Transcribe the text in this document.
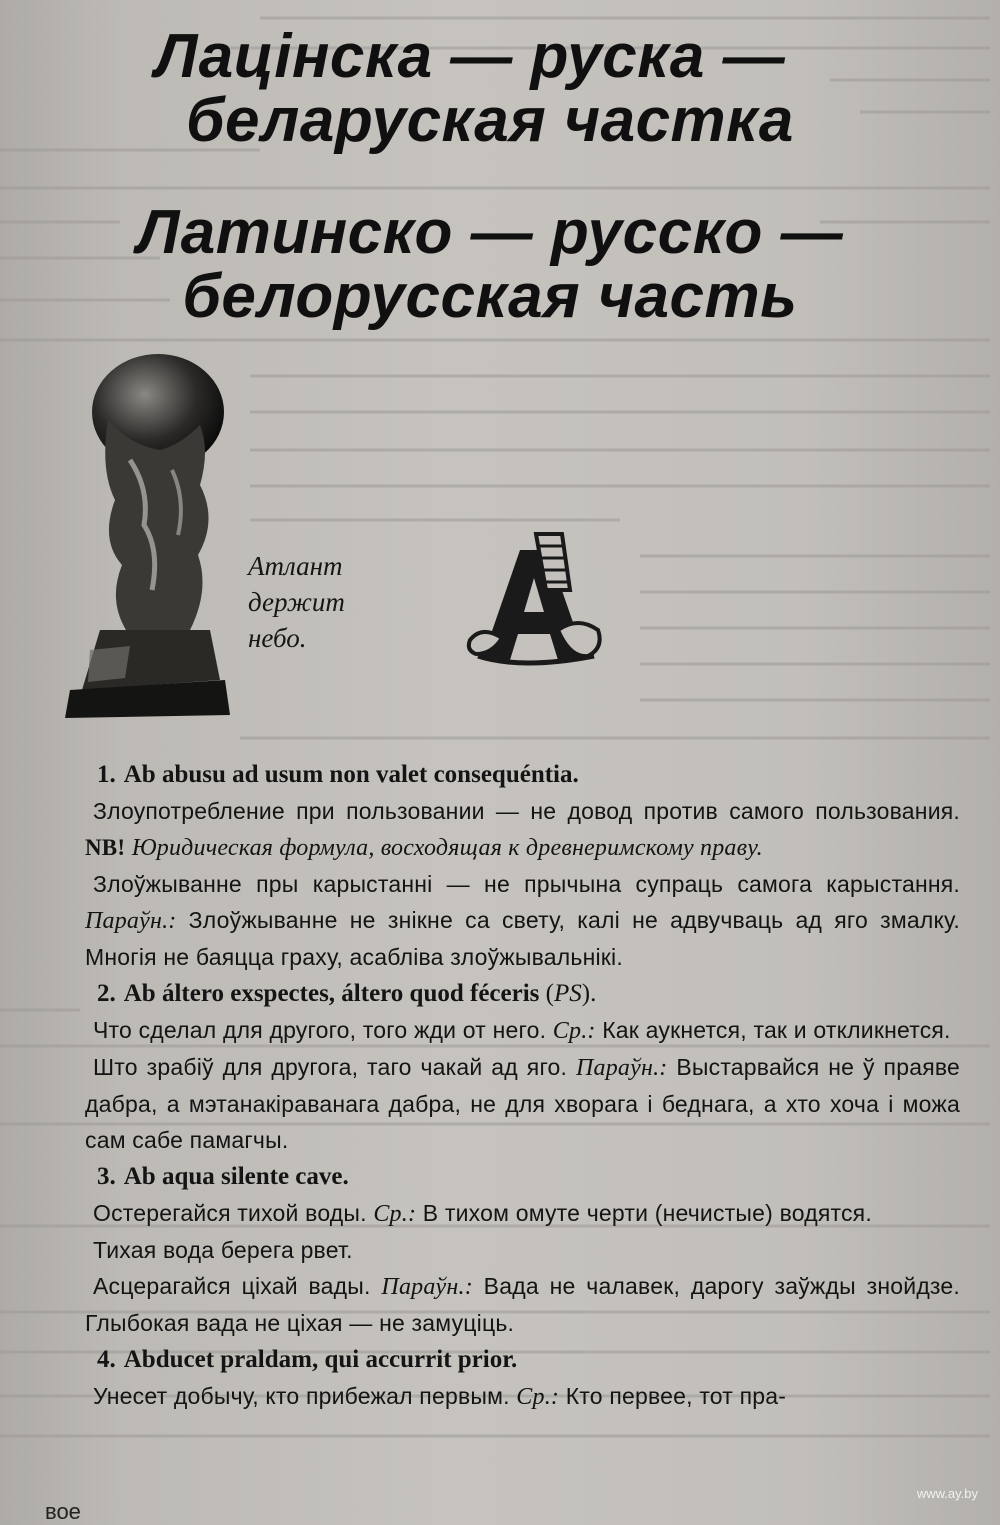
Лацінска — руска —
беларуская частка
Латинско — русско —
белорусская часть
Атлант
держит
небо.

1. Ab abusu ad usum non valet consequéntia.

Злоупотребление при пользовании — не довод против самого пользования. NB! Юридическая формула, восходящая к древнеримскому праву.

Злоўжыванне пры карыстанні — не прычына супраць самога карыстання. Параўн.: Злоўжыванне не знікне са свету, калі не адвучваць ад яго змалку. Многія не баяцца граху, асабліва злоўжывальнікі.

2. Ab áltero exspectes, áltero quod féceris (PS).

Что сделал для другого, того жди от него. Ср.: Как аукнется, так и откликнется.

Што зрабіў для другога, таго чакай ад яго. Параўн.: Выстарвайся не ў праяве дабра, а мэтанакіраванага дабра, не для хворага і беднага, а хто хоча і можа сам сабе памагчы.

3. Ab aqua silente cave.

Остерегайся тихой воды. Ср.: В тихом омуте черти (нечистые) водятся.

Тихая вода берега рвет.

Асцерагайся ціхай вады. Параўн.: Вада не чалавек, дарогу заўжды знойдзе. Глыбокая вада не ціхая — не замуціць.

4. Abducet praldam, qui accurrit prior.

Унесет добычу, кто прибежал первым. Ср.: Кто первее, тот пра-

вое
www.ay.by
